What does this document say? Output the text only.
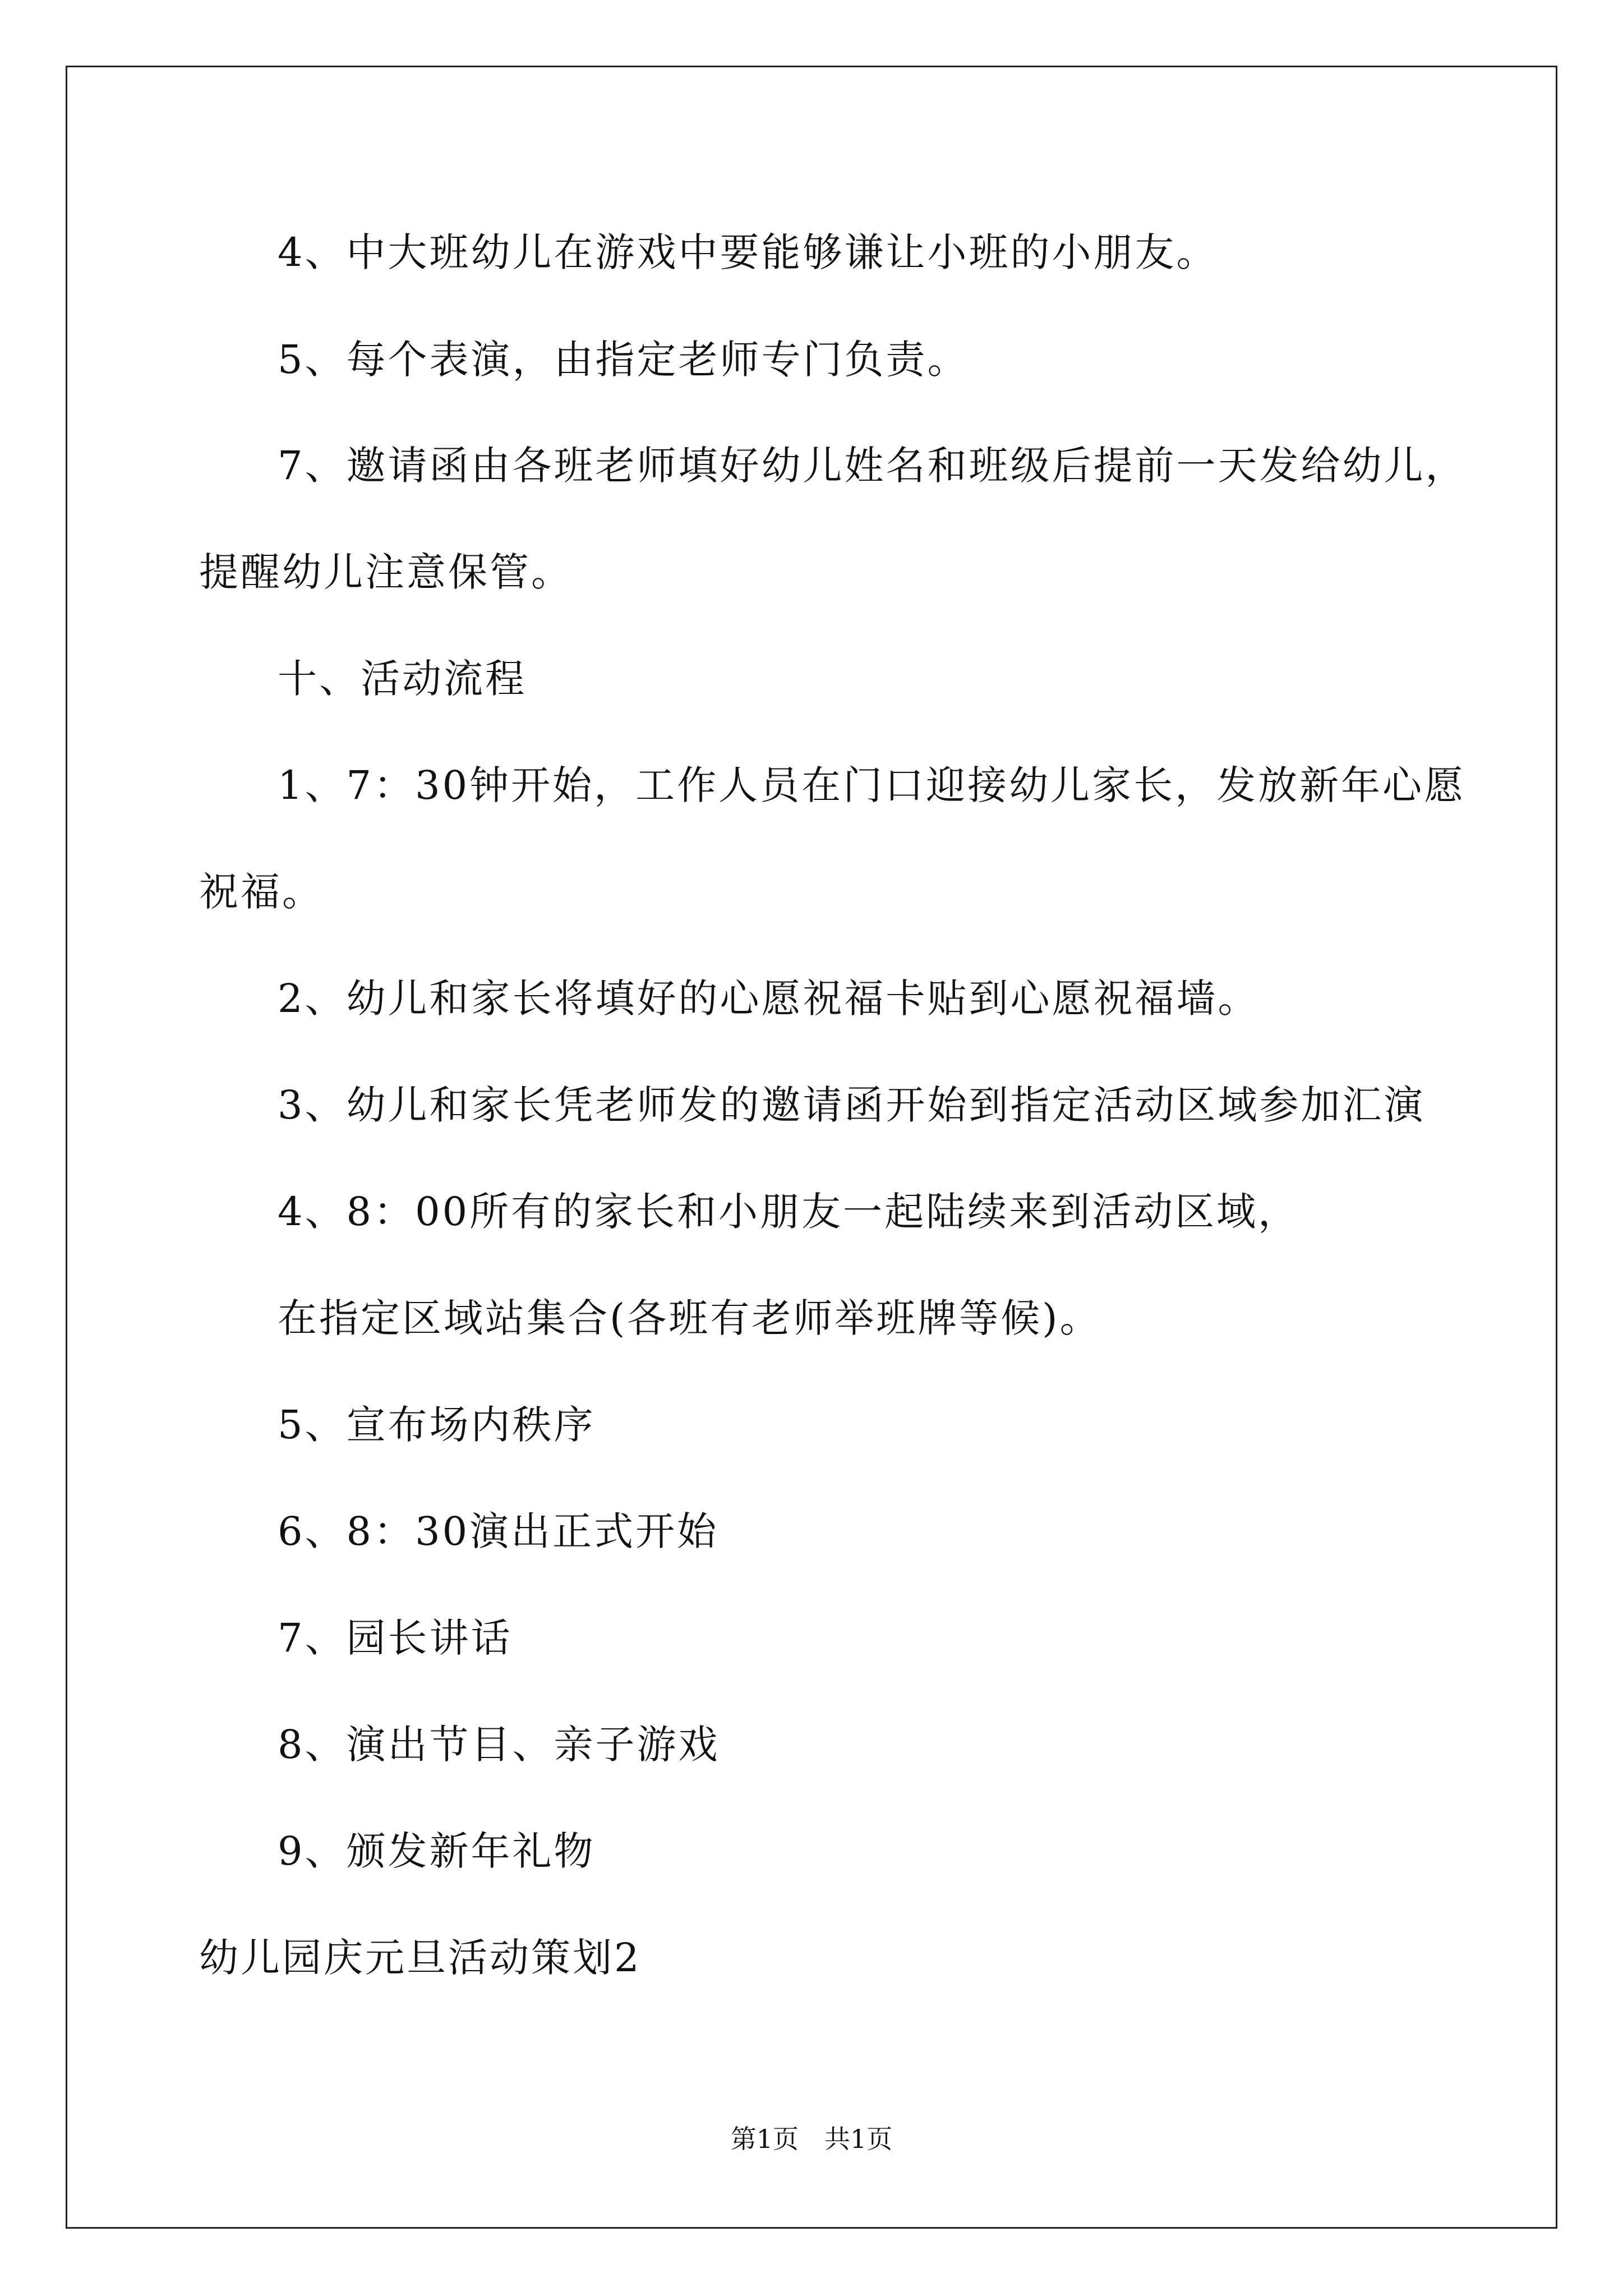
4、中大班幼儿在游戏中要能够谦让小班的小朋友。
5、每个表演，由指定老师专门负责。
7、邀请函由各班老师填好幼儿姓名和班级后提前一天发给幼儿，
提醒幼儿注意保管。
十、活动流程
1、7：30钟开始，工作人员在门口迎接幼儿家长，发放新年心愿
祝福。
2、幼儿和家长将填好的心愿祝福卡贴到心愿祝福墙。
3、幼儿和家长凭老师发的邀请函开始到指定活动区域参加汇演
4、8：00所有的家长和小朋友一起陆续来到活动区域，
在指定区域站集合(各班有老师举班牌等候)。
5、宣布场内秩序
6、8：30演出正式开始
7、园长讲话
8、演出节目、亲子游戏
9、颁发新年礼物
幼儿园庆元旦活动策划2
第1页　共1页
